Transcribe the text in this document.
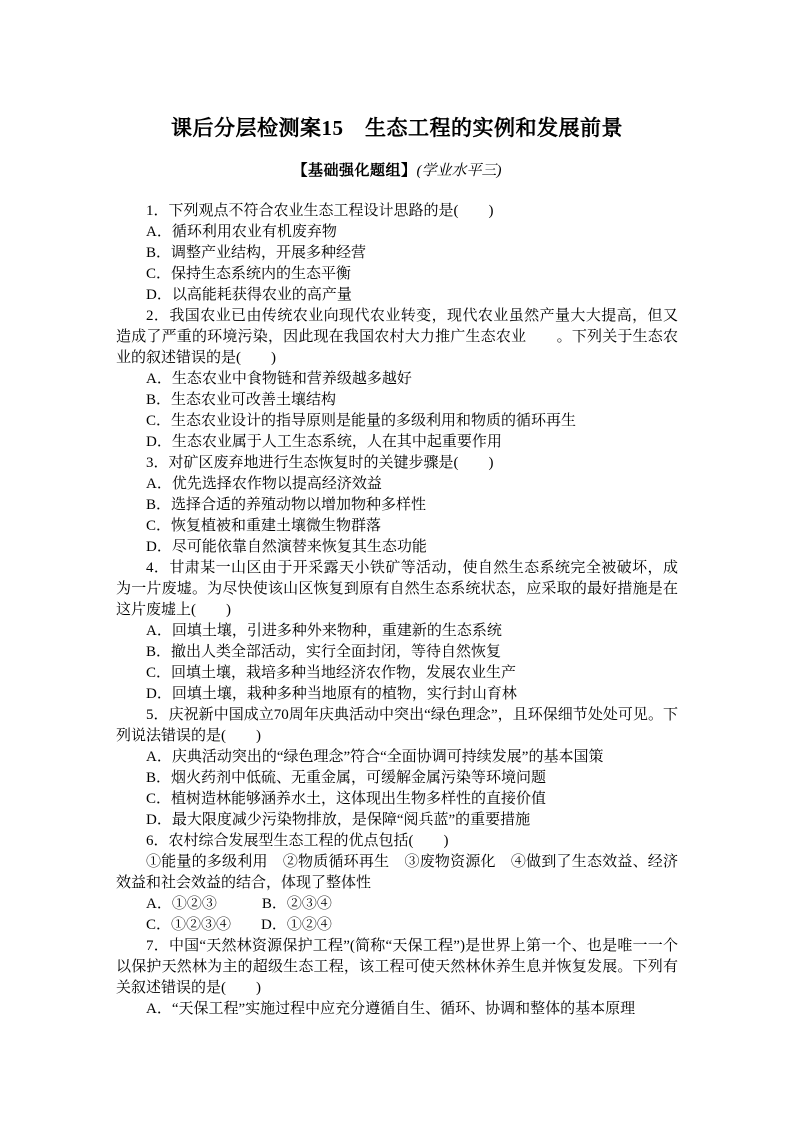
课后分层检测案15　生态工程的实例和发展前景
【基础强化题组】(学业水平三)

1．下列观点不符合农业生态工程设计思路的是(　　)

A．循环利用农业有机废弃物

B．调整产业结构，开展多种经营

C．保持生态系统内的生态平衡

D．以高能耗获得农业的高产量

2．我国农业已由传统农业向现代农业转变，现代农业虽然产量大大提高，但又造成了严重的环境污染，因此现在我国农村大力推广生态农业　　。下列关于生态农业的叙述错误的是(　　)

A．生态农业中食物链和营养级越多越好

B．生态农业可改善土壤结构

C．生态农业设计的指导原则是能量的多级利用和物质的循环再生

D．生态农业属于人工生态系统，人在其中起重要作用

3．对矿区废弃地进行生态恢复时的关键步骤是(　　)

A．优先选择农作物以提高经济效益

B．选择合适的养殖动物以增加物种多样性

C．恢复植被和重建土壤微生物群落

D．尽可能依靠自然演替来恢复其生态功能

4．甘肃某一山区由于开采露天小铁矿等活动，使自然生态系统完全被破坏，成为一片废墟。为尽快使该山区恢复到原有自然生态系统状态，应采取的最好措施是在这片废墟上(　　)

A．回填土壤，引进多种外来物种，重建新的生态系统

B．撤出人类全部活动，实行全面封闭，等待自然恢复

C．回填土壤，栽培多种当地经济农作物，发展农业生产

D．回填土壤，栽种多种当地原有的植物，实行封山育林

5．庆祝新中国成立70周年庆典活动中突出“绿色理念”，且环保细节处处可见。下列说法错误的是(　　)

A．庆典活动突出的“绿色理念”符合“全面协调可持续发展”的基本国策

B．烟火药剂中低硫、无重金属，可缓解金属污染等环境问题

C．植树造林能够涵养水土，这体现出生物多样性的直接价值

D．最大限度减少污染物排放，是保障“阅兵蓝”的重要措施

6．农村综合发展型生态工程的优点包括(　　)

①能量的多级利用　②物质循环再生　③废物资源化　④做到了生态效益、经济效益和社会效益的结合，体现了整体性

A．①②③　　　B．②③④

C．①②③④　　D．①②④

7．中国“天然林资源保护工程”(简称“天保工程”)是世界上第一个、也是唯一一个以保护天然林为主的超级生态工程，该工程可使天然林休养生息并恢复发展。下列有关叙述错误的是(　　)

A．“天保工程”实施过程中应充分遵循自生、循环、协调和整体的基本原理
